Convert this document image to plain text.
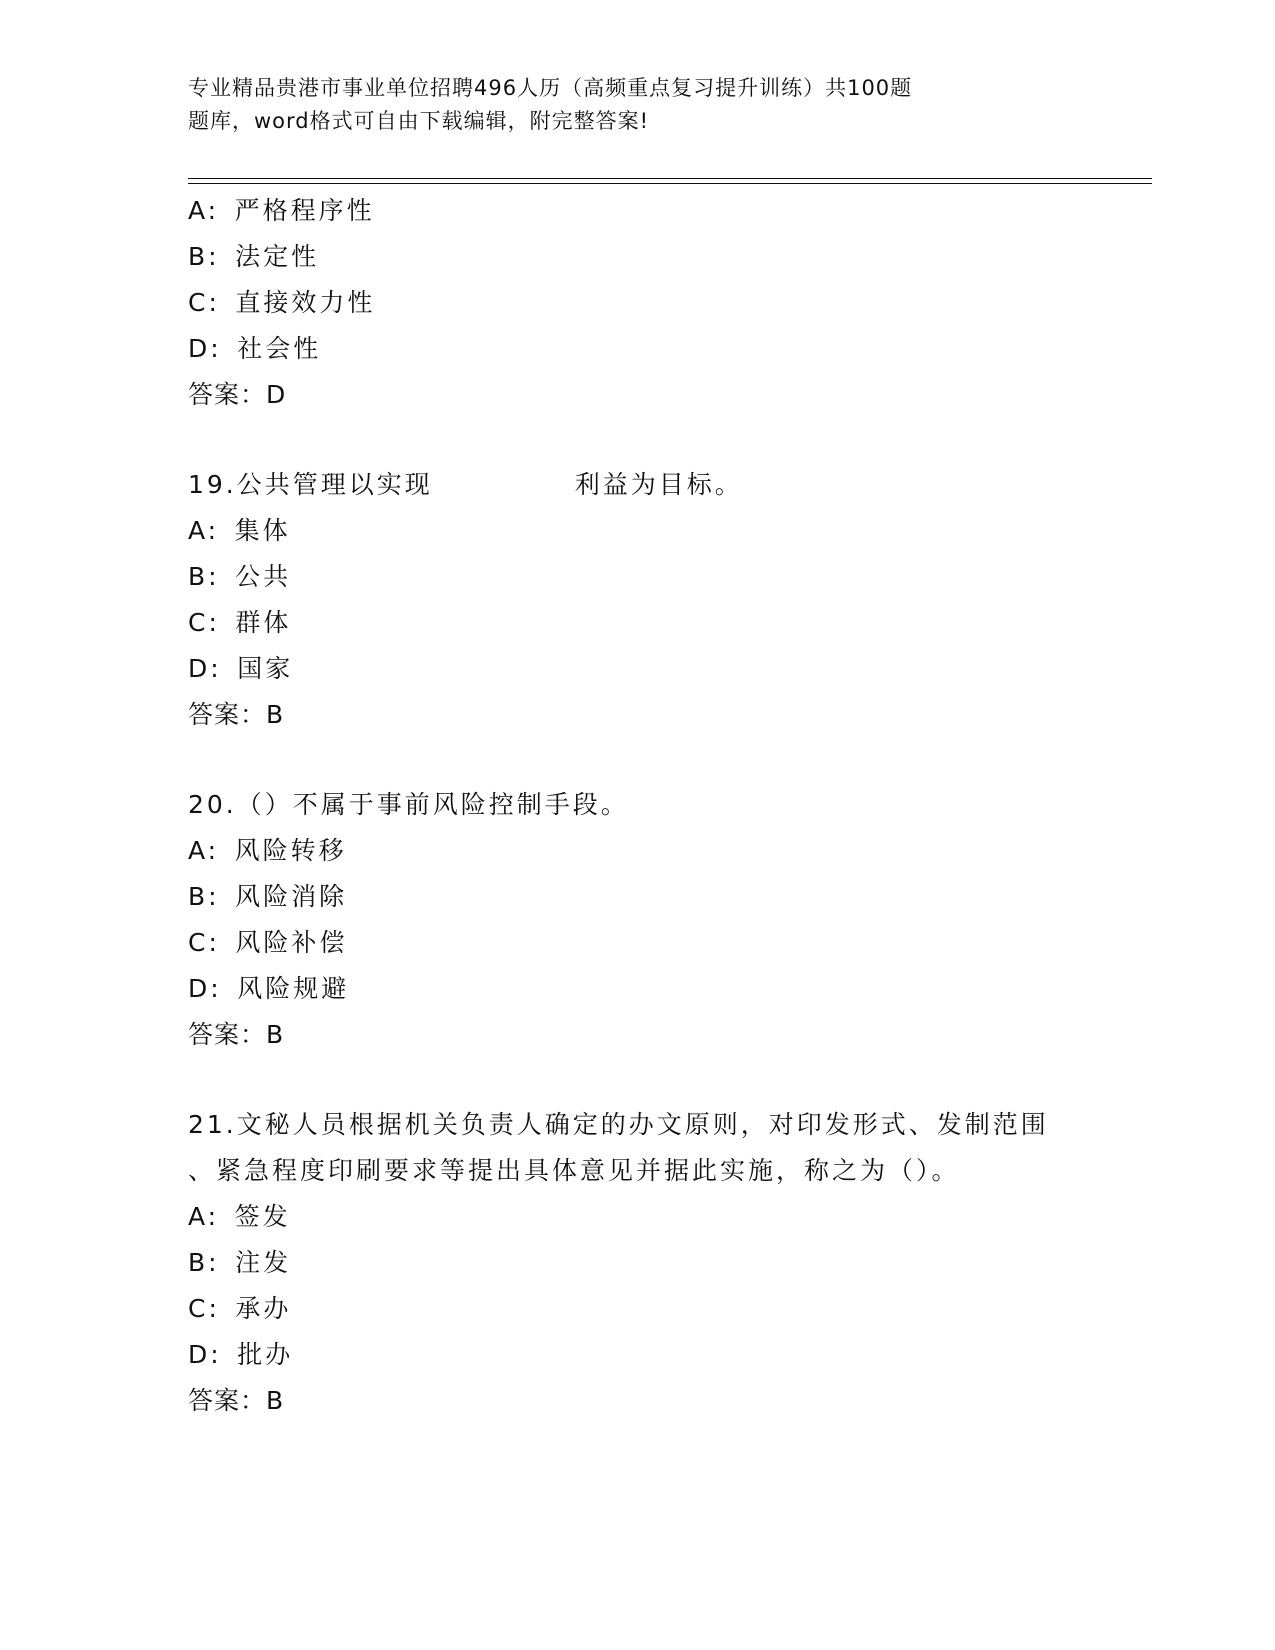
专业精品贵港市事业单位招聘496人历（高频重点复习提升训练）共100题
题库，word格式可自由下载编辑，附完整答案!
A:  严格程序性
B:  法定性
C:  直接效力性
D:  社会性
答案：D
19.公共管理以实现	利益为目标。
A:  集体
B:  公共
C:  群体
D:  国家
答案：B
20.（）不属于事前风险控制手段。
A:  风险转移
B:  风险消除
C:  风险补偿
D:  风险规避
答案：B
21.文秘人员根据机关负责人确定的办文原则，对印发形式、发制范围
、紧急程度印刷要求等提出具体意见并据此实施，称之为（）。
A:  签发
B:  注发
C:  承办
D:  批办
答案：B
